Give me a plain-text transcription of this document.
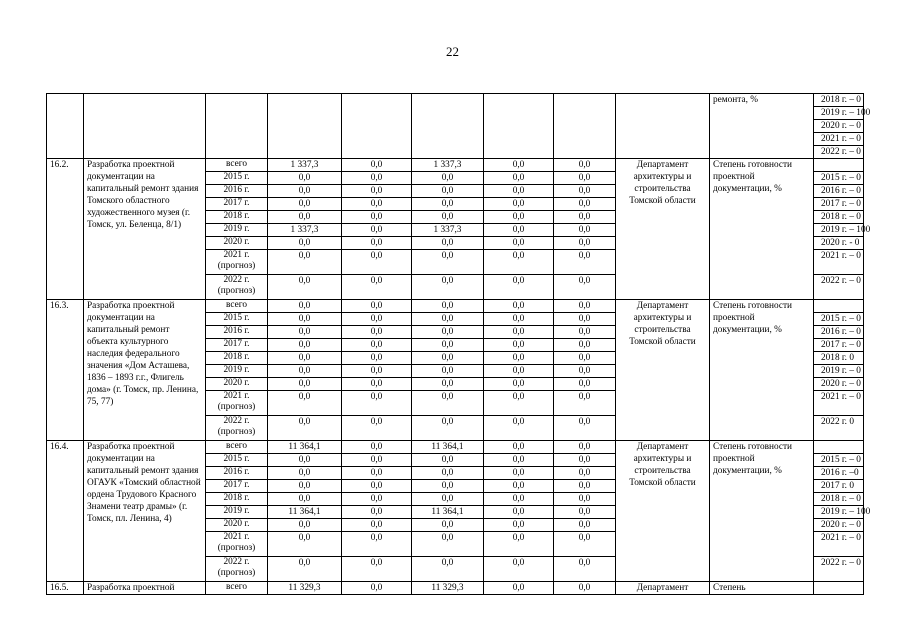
22
									ремонта, %	2018 г. – 0
										2019 г. – 100
										2020 г. – 0
										2021 г. – 0
										2022 г. – 0
16.2.	Разработка проектной документации на капитальный ремонт здания Томского областного художественного музея (г. Томск, ул. Беленца, 8/1)	всего	1 337,3	0,0	1 337,3	0,0	0,0	Департамент архитектуры и строительства Томской области	Степень готовности проектной документации, %	
		2015 г.	0,0	0,0	0,0	0,0	0,0			2015 г. – 0
		2016 г.	0,0	0,0	0,0	0,0	0,0			2016 г. – 0
		2017 г.	0,0	0,0	0,0	0,0	0,0			2017 г. – 0
		2018 г.	0,0	0,0	0,0	0,0	0,0			2018 г. – 0
		2019 г.	1 337,3	0,0	1 337,3	0,0	0,0			2019 г. – 100
		2020 г.	0,0	0,0	0,0	0,0	0,0			2020 г. - 0
		2021 г. (прогноз)	0,0	0,0	0,0	0,0	0,0			2021 г. – 0
		2022 г. (прогноз)	0,0	0,0	0,0	0,0	0,0			2022 г. – 0
16.3.	Разработка проектной документации на капитальный ремонт объекта культурного наследия федерального значения «Дом Асташева, 1836 – 1893 г.г., Флигель дома» (г. Томск, пр. Ленина, 75, 77)	всего	0,0	0,0	0,0	0,0	0,0	Департамент архитектуры и строительства Томской области	Степень готовности проектной документации, %	
		2015 г.	0,0	0,0	0,0	0,0	0,0			2015 г. – 0
		2016 г.	0,0	0,0	0,0	0,0	0,0			2016 г. – 0
		2017 г.	0,0	0,0	0,0	0,0	0,0			2017 г. – 0
		2018 г.	0,0	0,0	0,0	0,0	0,0			2018 г. 0
		2019 г.	0,0	0,0	0,0	0,0	0,0			2019 г. – 0
		2020 г.	0,0	0,0	0,0	0,0	0,0			2020 г. – 0
		2021 г. (прогноз)	0,0	0,0	0,0	0,0	0,0			2021 г. – 0
		2022 г. (прогноз)	0,0	0,0	0,0	0,0	0,0			2022 г. 0
16.4.	Разработка проектной документации на капитальный ремонт здания ОГАУК «Томский областной ордена Трудового Красного Знамени театр драмы» (г. Томск, пл. Ленина, 4)	всего	11 364,1	0,0	11 364,1	0,0	0,0	Департамент архитектуры и строительства Томской области	Степень готовности проектной документации, %	
		2015 г.	0,0	0,0	0,0	0,0	0,0			2015 г. – 0
		2016 г.	0,0	0,0	0,0	0,0	0,0			2016 г. –0
		2017 г.	0,0	0,0	0,0	0,0	0,0			2017 г. 0
		2018 г.	0,0	0,0	0,0	0,0	0,0			2018 г. – 0
		2019 г.	11 364,1	0,0	11 364,1	0,0	0,0			2019 г. – 100
		2020 г.	0,0	0,0	0,0	0,0	0,0			2020 г. – 0
		2021 г. (прогноз)	0,0	0,0	0,0	0,0	0,0			2021 г. – 0
		2022 г. (прогноз)	0,0	0,0	0,0	0,0	0,0			2022 г. – 0
16.5.	Разработка проектной	всего	11 329,3	0,0	11 329,3	0,0	0,0	Департамент	Степень	
